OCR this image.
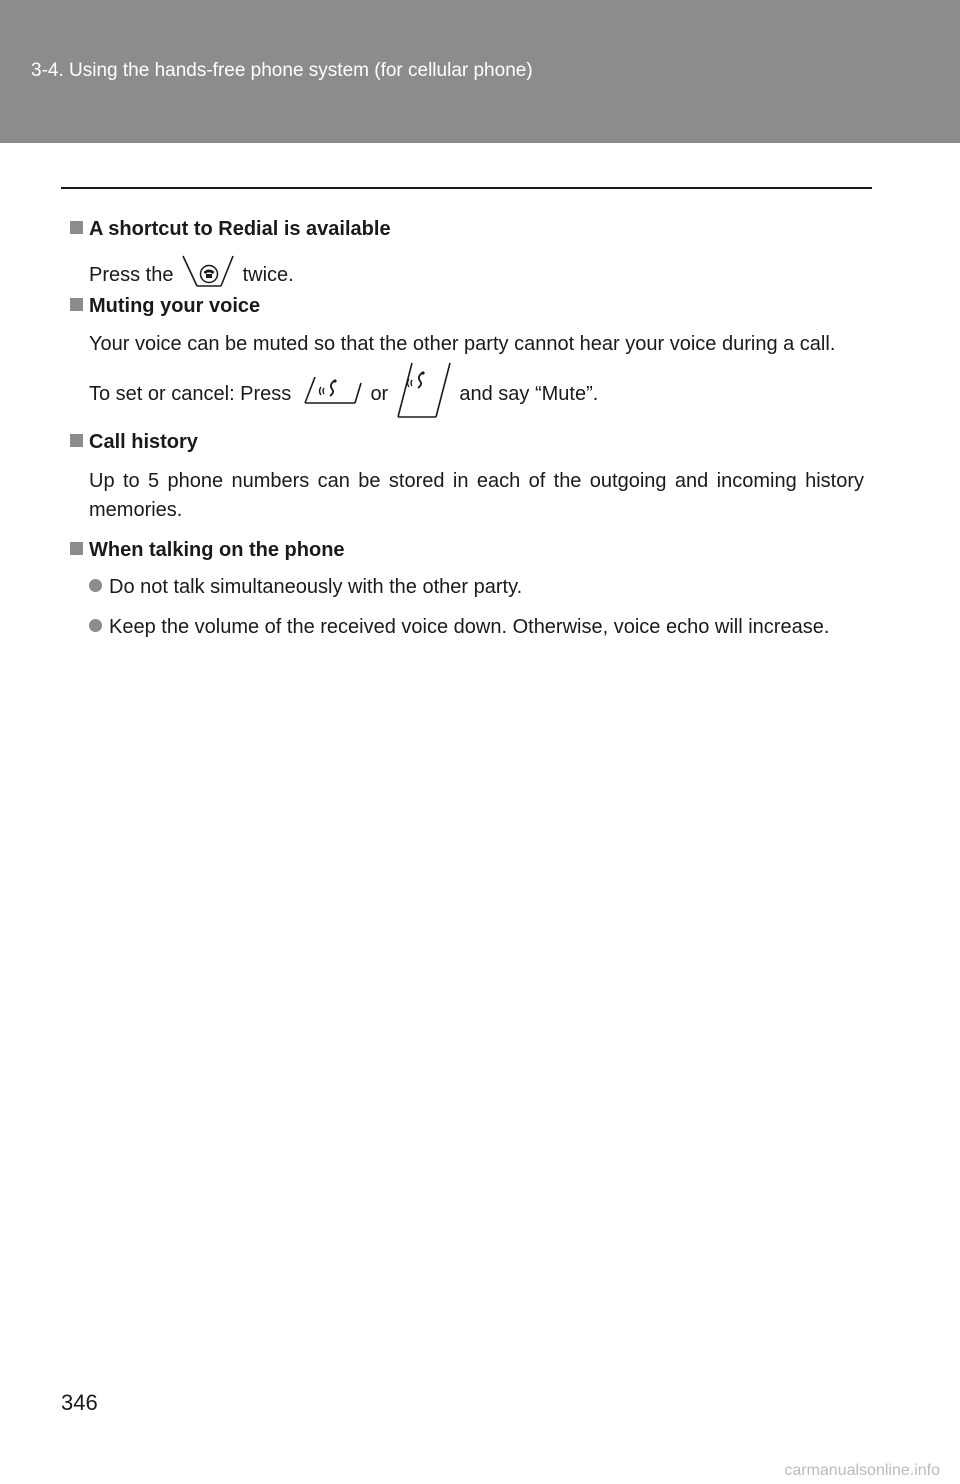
3-4. Using the hands-free phone system (for cellular phone)
A shortcut to Redial is available
Press the	twice.
Muting your voice

Your voice can be muted so that the other party cannot hear your voice during a call.

To set or cancel: Press	or	and say “Mute”.

Call history

Up to 5 phone numbers can be stored in each of the outgoing and incoming history memories.

When talking on the phone
Do not talk simultaneously with the other party.
Keep the volume of the received voice down. Otherwise, voice echo will increase.
346
carmanualsonline.info
